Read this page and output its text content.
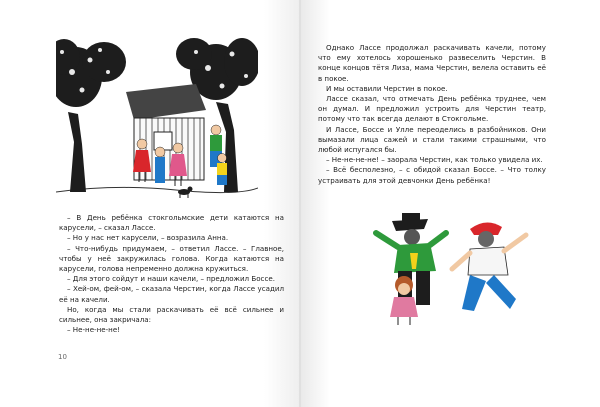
– В День ребёнка стокгольмские дети катаются на карусели, – сказал Лассе.

– Но у нас нет карусели, – возразила Анна.

– Что-нибудь придумаем, – ответил Лассе. – Главное, чтобы у неё закружилась голова. Когда катаются на карусели, голова непременно должна кружиться.

– Для этого сойдут и наши качели, – предложил Боссе.

– Хей-ом, фей-ом, – сказала Черстин, когда Лассе усадил её на качели.

Но, когда мы стали раскачивать её всё сильнее и сильнее, она закричала:

– Не-не-не-не!

10

Однако Лассе продолжал раскачивать качели, потому что ему хотелось хорошенько развеселить Черстин. В конце концов тётя Лиза, мама Черстин, велела оставить её в покое.

И мы оставили Черстин в покое.

Лассе сказал, что отмечать День ребёнка труднее, чем он думал. И предложил устроить для Черстин театр, потому что так всегда делают в Стокгольме.

И Лассе, Боссе и Улле переоделись в разбойников. Они вымазали лица сажей и стали такими страшными, что любой испугался бы.

– Не-не-не-не! – заорала Черстин, как только увидела их.

– Всё бесполезно, – с обидой сказал Боссе. – Что толку устраивать для этой девчонки День ребёнка!
